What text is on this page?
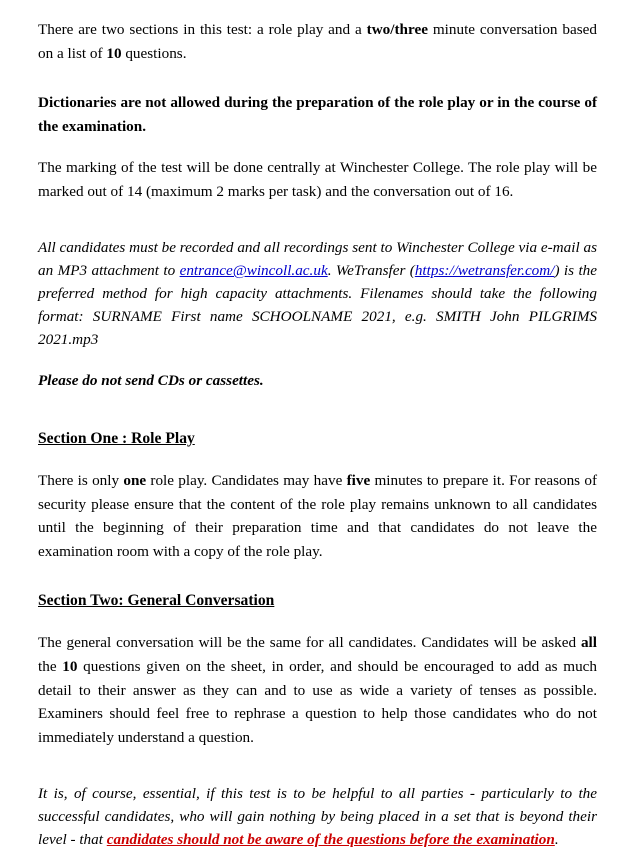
There are two sections in this test: a role play and a two/three minute conversation based on a list of 10 questions.

Dictionaries are not allowed during the preparation of the role play or in the course of the examination.

The marking of the test will be done centrally at Winchester College. The role play will be marked out of 14 (maximum 2 marks per task) and the conversation out of 16.

All candidates must be recorded and all recordings sent to Winchester College via e-mail as an MP3 attachment to entrance@wincoll.ac.uk. WeTransfer (https://wetransfer.com/) is the preferred method for high capacity attachments. Filenames should take the following format: SURNAME First name SCHOOLNAME 2021, e.g. SMITH John PILGRIMS 2021.mp3

Please do not send CDs or cassettes.

Section One : Role Play

There is only one role play. Candidates may have five minutes to prepare it. For reasons of security please ensure that the content of the role play remains unknown to all candidates until the beginning of their preparation time and that candidates do not leave the examination room with a copy of the role play.

Section Two: General Conversation

The general conversation will be the same for all candidates. Candidates will be asked all the 10 questions given on the sheet, in order, and should be encouraged to add as much detail to their answer as they can and to use as wide a variety of tenses as possible. Examiners should feel free to rephrase a question to help those candidates who do not immediately understand a question.

It is, of course, essential, if this test is to be helpful to all parties - particularly to the successful candidates, who will gain nothing by being placed in a set that is beyond their level - that candidates should not be aware of the questions before the examination.
